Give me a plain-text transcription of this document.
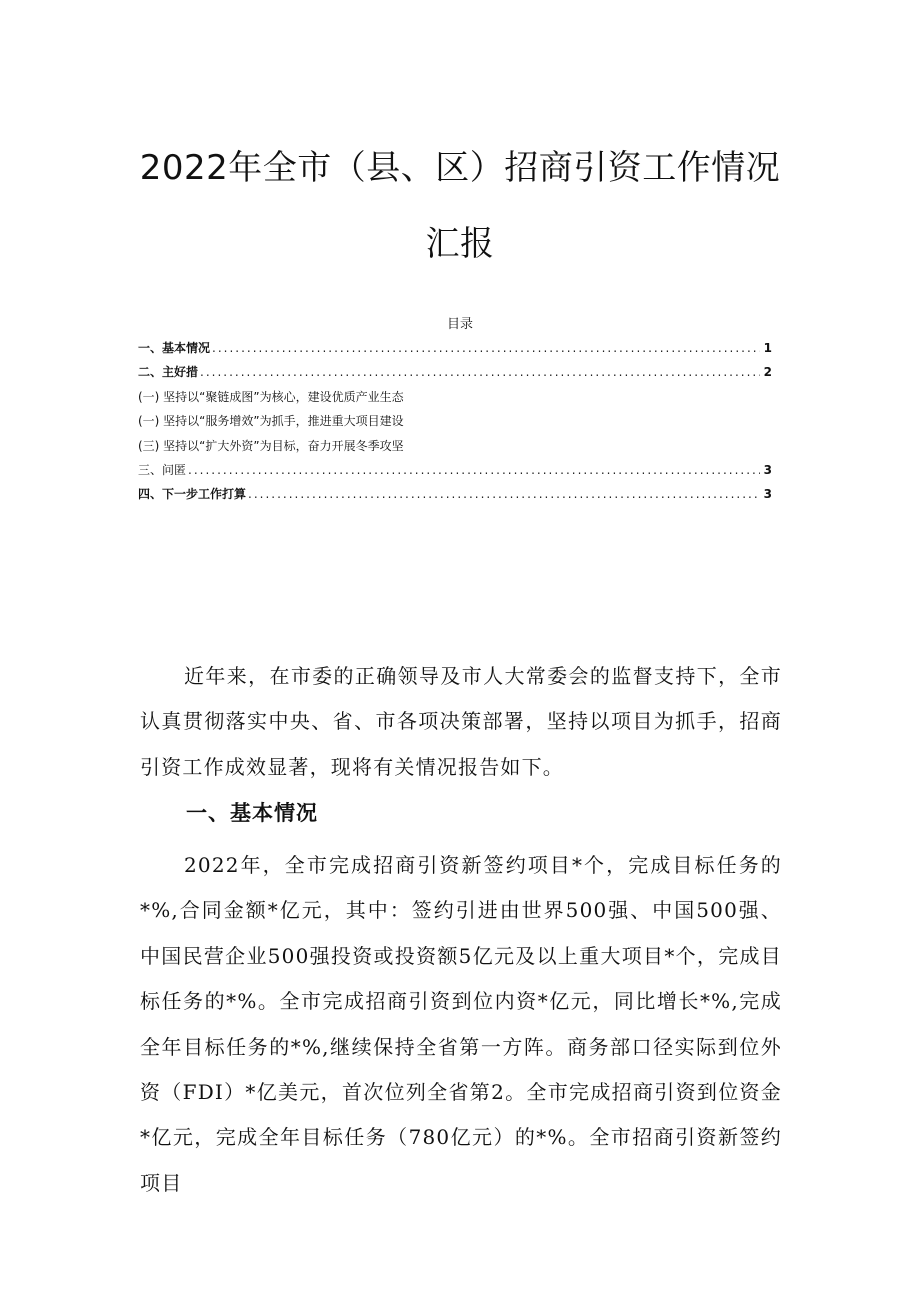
2022年全市（县、区）招商引资工作情况
汇报
目录
一、基本情况 .....	1
二、主好措 .....	2
(一) 坚持以“聚链成图”为核心，建设优质产业生态
(一) 坚持以“服务增效”为抓手，推进重大项目建设
(三) 坚持以“扩大外资”为目标，奋力开展冬季攻坚
三、问匿 .....	3
四、下一步工作打算 .....	3

近年来，在市委的正确领导及市人大常委会的监督支持下，全市认真贯彻落实中央、省、市各项决策部署，坚持以项目为抓手，招商引资工作成效显著，现将有关情况报告如下。

一、基本情况

2022年，全市完成招商引资新签约项目*个，完成目标任务的*%,合同金额*亿元，其中：签约引进由世界500强、中国500强、中国民营企业500强投资或投资额5亿元及以上重大项目*个，完成目标任务的*%。全市完成招商引资到位内资*亿元，同比增长*%,完成全年目标任务的*%,继续保持全省第一方阵。商务部口径实际到位外资（FDI）*亿美元，首次位列全省第2。全市完成招商引资到位资金*亿元，完成全年目标任务（780亿元）的*%。全市招商引资新签约项目
